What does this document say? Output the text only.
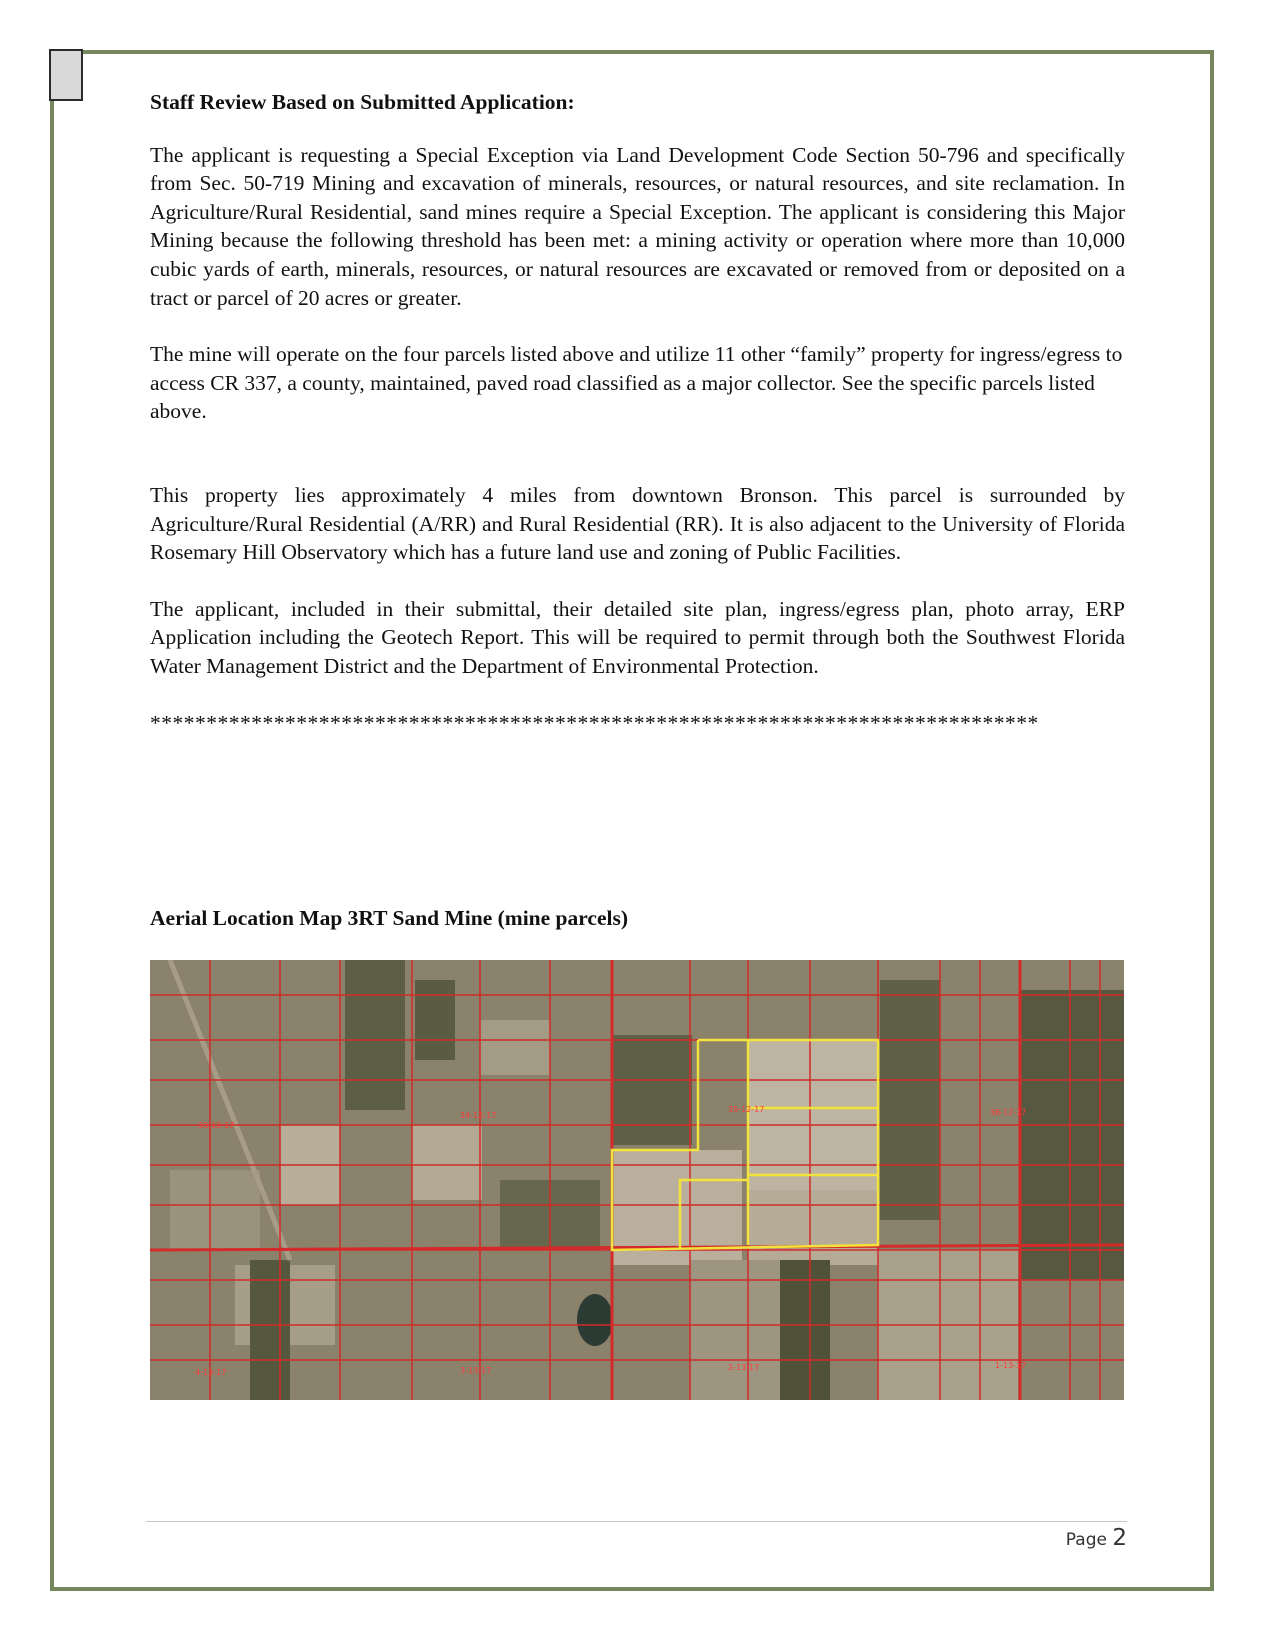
Staff Review Based on Submitted Application:

The applicant is requesting a Special Exception via Land Development Code Section 50-796 and specifically from Sec. 50-719 Mining and excavation of minerals, resources, or natural resources, and site reclamation. In Agriculture/Rural Residential, sand mines require a Special Exception. The applicant is considering this Major Mining because the following threshold has been met: a mining activity or operation where more than 10,000 cubic yards of earth, minerals, resources, or natural resources are excavated or removed from or deposited on a tract or parcel of 20 acres or greater.

The mine will operate on the four parcels listed above and utilize 11 other “family” property for ingress/egress to access CR 337, a county, maintained, paved road classified as a major collector. See the specific parcels listed above.

This property lies approximately 4 miles from downtown Bronson. This parcel is surrounded by Agriculture/Rural Residential (A/RR) and Rural Residential (RR). It is also adjacent to the University of Florida Rosemary Hill Observatory which has a future land use and zoning of Public Facilities.

The applicant, included in their submittal, their detailed site plan, ingress/egress plan, photo array, ERP Application including the Geotech Report. This will be required to permit through both the Southwest Florida Water Management District and the Department of Environmental Protection.

*******************************************************************************

Aerial Location Map 3RT Sand Mine (mine parcels)
33-12-17
34-12-17
35-12-17	36-12-17
4-13-17	3-13-17	2-13-17	1-13-17
Page 2
